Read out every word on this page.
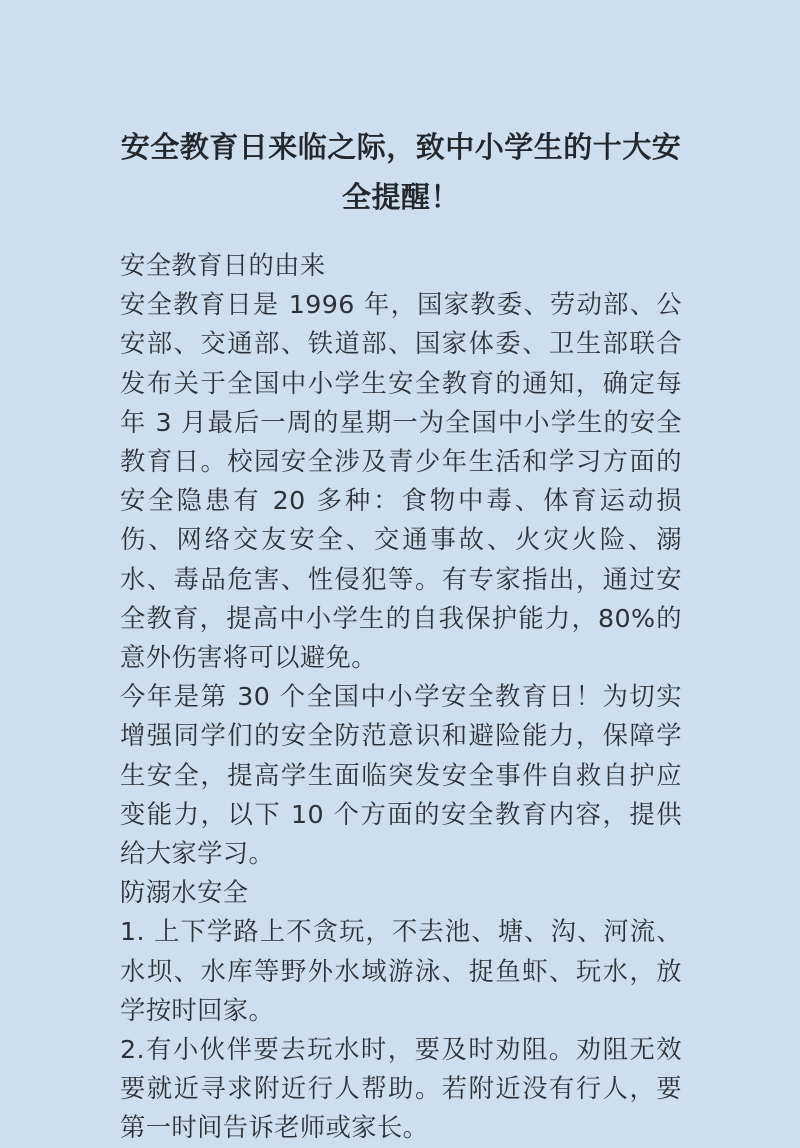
安全教育日来临之际，致中小学生的十大安全提醒！

安全教育日的由来

安全教育日是 1996 年，国家教委、劳动部、公安部、交通部、铁道部、国家体委、卫生部联合发布关于全国中小学生安全教育的通知，确定每年 3 月最后一周的星期一为全国中小学生的安全教育日。校园安全涉及青少年生活和学习方面的安全隐患有 20 多种：食物中毒、体育运动损伤、网络交友安全、交通事故、火灾火险、溺水、毒品危害、性侵犯等。有专家指出，通过安全教育，提高中小学生的自我保护能力，80%的意外伤害将可以避免。

今年是第 30 个全国中小学安全教育日！为切实增强同学们的安全防范意识和避险能力，保障学生安全，提高学生面临突发安全事件自救自护应变能力，以下 10 个方面的安全教育内容，提供给大家学习。

防溺水安全

1. 上下学路上不贪玩，不去池、塘、沟、河流、水坝、水库等野外水域游泳、捉鱼虾、玩水，放学按时回家。

2.有小伙伴要去玩水时，要及时劝阻。劝阻无效要就近寻求附近行人帮助。若附近没有行人，要第一时间告诉老师或家长。
